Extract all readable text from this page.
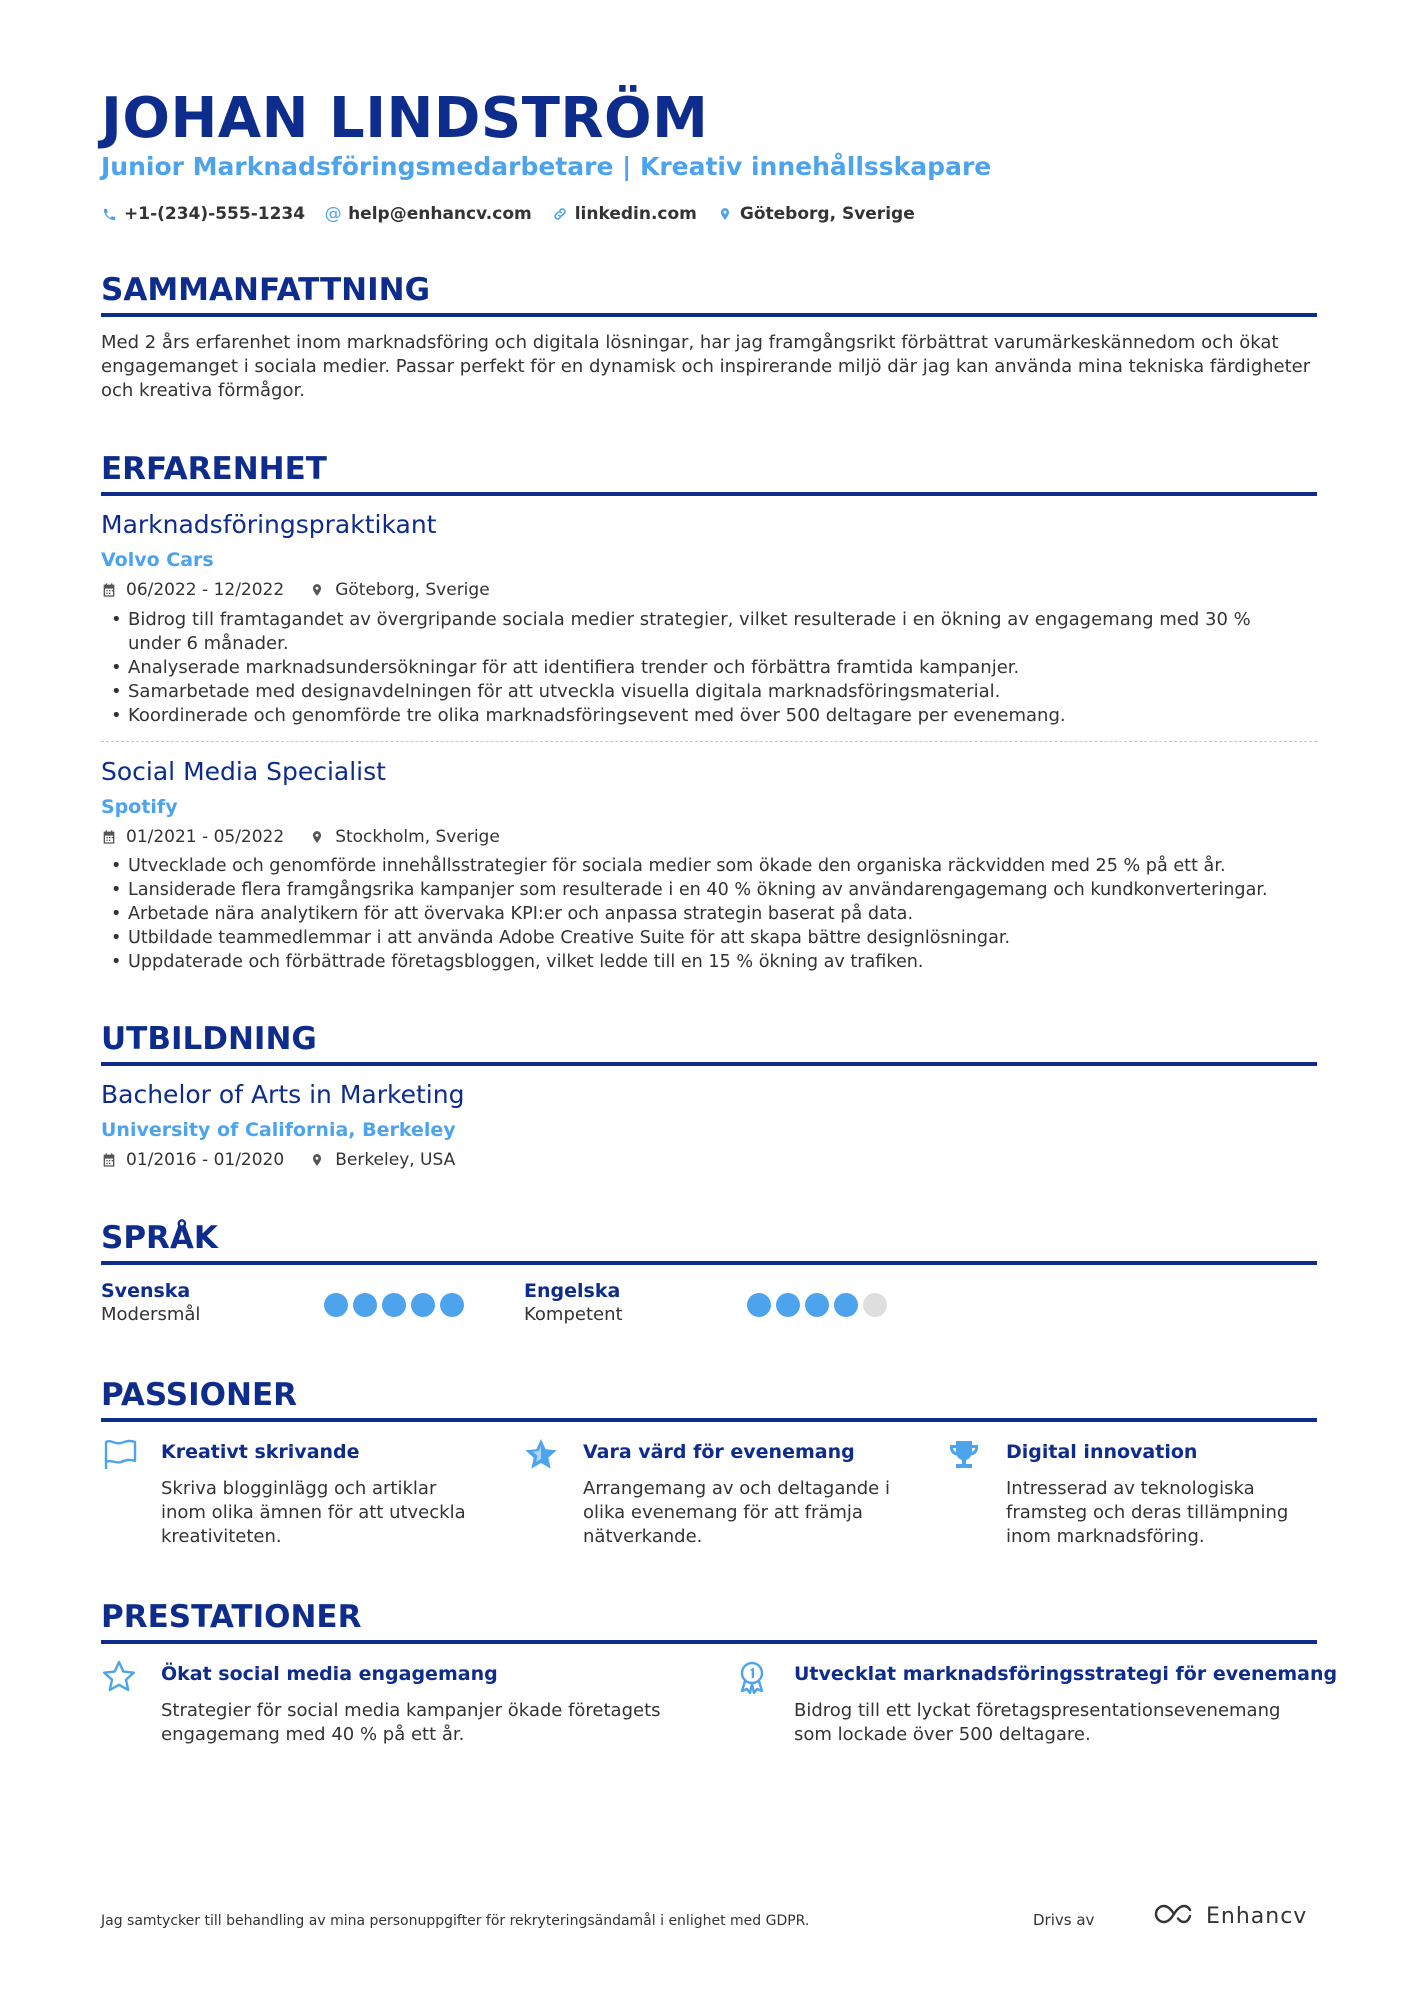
JOHAN LINDSTRÖM

Junior Marknadsföringsmedarbetare | Kreativ innehållsskapare

+1-(234)-555-1234 @ help@enhancv.com	linkedin.com	Göteborg, Sverige
SAMMANFATTNING

Med 2 års erfarenhet inom marknadsföring och digitala lösningar, har jag framgångsrikt förbättrat varumärkeskännedom och ökat engagemanget i sociala medier. Passar perfekt för en dynamisk och inspirerande miljö där jag kan använda mina tekniska färdigheter och kreativa förmågor.

ERFARENHET

Marknadsföringspraktikant

Volvo Cars

06/2022 - 12/2022	Göteborg, Sverige
• Bidrog till framtagandet av övergripande sociala medier strategier, vilket resulterade i en ökning av engagemang med 30 % under 6 månader.
• Analyserade marknadsundersökningar för att identifiera trender och förbättra framtida kampanjer.
• Samarbetade med designavdelningen för att utveckla visuella digitala marknadsföringsmaterial.
• Koordinerade och genomförde tre olika marknadsföringsevent med över 500 deltagare per evenemang.

Social Media Specialist

Spotify

01/2021 - 05/2022	Stockholm, Sverige
• Utvecklade och genomförde innehållsstrategier för sociala medier som ökade den organiska räckvidden med 25 % på ett år.
• Lansiderade flera framgångsrika kampanjer som resulterade i en 40 % ökning av användarengagemang och kundkonverteringar.
• Arbetade nära analytikern för att övervaka KPI:er och anpassa strategin baserat på data.
• Utbildade teammedlemmar i att använda Adobe Creative Suite för att skapa bättre designlösningar.
• Uppdaterade och förbättrade företagsbloggen, vilket ledde till en 15 % ökning av trafiken.
UTBILDNING

Bachelor of Arts in Marketing

University of California, Berkeley

01/2016 - 01/2020	Berkeley, USA
SPRÅK

Svenska

Modersmål

Engelska

Kompetent

PASSIONER

Kreativt skrivande

Skriva blogginlägg och artiklar inom olika ämnen för att utveckla kreativiteten.

Vara värd för evenemang

Arrangemang av och deltagande i olika evenemang för att främja nätverkande.

Digital innovation

Intresserad av teknologiska framsteg och deras tillämpning inom marknadsföring.

PRESTATIONER

Ökat social media engagemang

Strategier för social media kampanjer ökade företagets engagemang med 40 % på ett år.

Utvecklat marknadsföringsstrategi för evenemang

Bidrog till ett lyckat företagspresentationsevenemang som lockade över 500 deltagare.

Jag samtycker till behandling av mina personuppgifter för rekryteringsändamål i enlighet med GDPR.	Drivs av	Enhancv
